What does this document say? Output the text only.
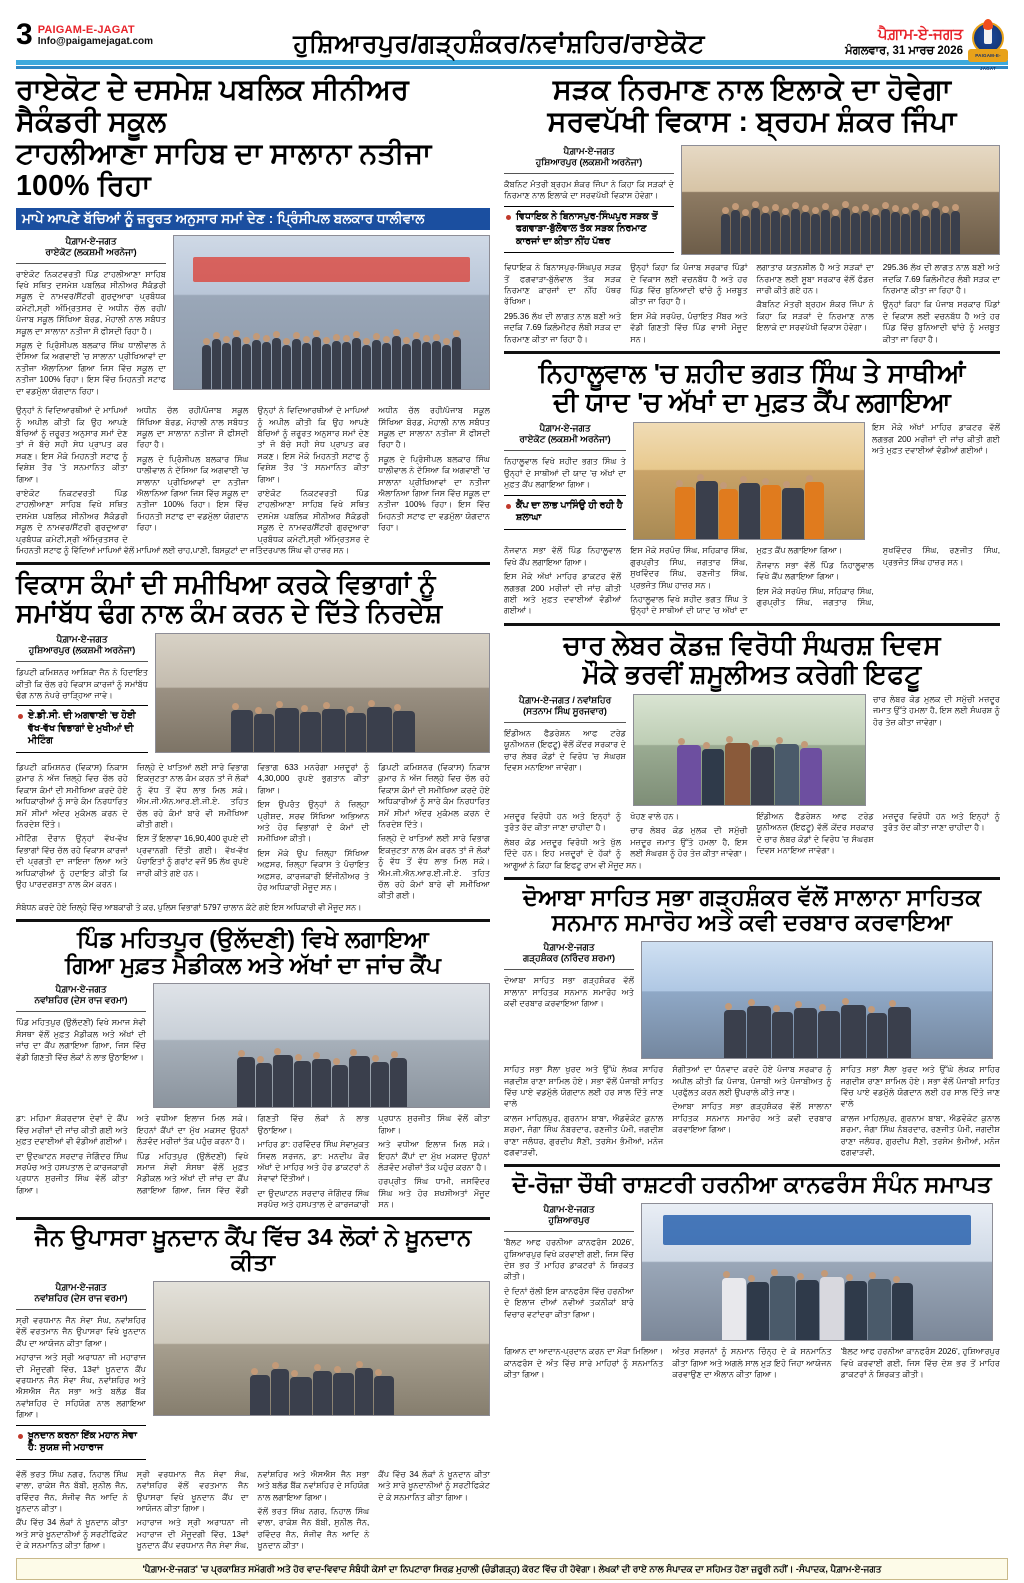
3 PAIGAM-E-JAGAT
Info@paigamejagat.com	ਹੁਸ਼ਿਆਰਪੁਰ/ਗੜ੍ਹਸ਼ੰਕਰ/ਨਵਾਂਸ਼ਹਿਰ/ਰਾਏਕੋਟ	ਪੈਗ਼ਾਮ-ਏ-ਜਗਤ
ਮੰਗਲਵਾਰ, 31 ਮਾਰਚ 2026	PAIGAM-E-JAGAT
ਰਾਏਕੋਟ ਦੇ ਦਸਮੇਸ਼ ਪਬਲਿਕ ਸੀਨੀਅਰ ਸੈਕੰਡਰੀ ਸਕੂਲ
ਟਾਹਲੀਆਣਾ ਸਾਹਿਬ ਦਾ ਸਾਲਾਨਾ ਨਤੀਜਾ 100% ਰਿਹਾ
ਮਾਪੇ ਆਪਣੇ ਬੱਚਿਆਂ ਨੂੰ ਜ਼ਰੂਰਤ ਅਨੁਸਾਰ ਸਮਾਂ ਦੇਣ : ਪ੍ਰਿੰਸੀਪਲ ਬਲਕਾਰ ਧਾਲੀਵਾਲ
ਪੈਗ਼ਾਮ-ਏ-ਜਗਤ
ਰਾਏਕੋਟ (ਲਕਸ਼ਮੀ ਅਰਨੇਜਾ)

ਰਾਏਕੋਟ ਨਿਕਟਵਰਤੀ ਪਿੰਡ ਟਾਹਲੀਆਣਾ ਸਾਹਿਬ ਵਿਖੇ ਸਥਿਤ ਦਸਮੇਸ਼ ਪਬਲਿਕ ਸੀਨੀਅਰ ਸੈਕੰਡਰੀ ਸਕੂਲ ਦੇ ਨਾਮਵਰ/ਸੈਂਟਰੀ ਗੁਰਦੁਆਰਾ ਪ੍ਰਬੰਧਕ ਕਮੇਟੀ,ਸ੍ਰੀ ਅੰਮ੍ਰਿਤਸਰ ਦੇ ਅਧੀਨ ਚੱਲ ਰਹੀ/ਪੰਜਾਬ ਸਕੂਲ ਸਿੱਖਿਆ ਬੋਰਡ, ਮੋਹਾਲੀ ਨਾਲ ਸਬੰਧਤ ਸਕੂਲ ਦਾ ਸਾਲਾਨਾ ਨਤੀਜਾ ਸੌ ਫੀਸਦੀ ਰਿਹਾ ਹੈ।

ਸਕੂਲ ਦੇ ਪ੍ਰਿੰਸੀਪਲ ਬਲਕਾਰ ਸਿੰਘ ਧਾਲੀਵਾਲ ਨੇ ਦੱਸਿਆ ਕਿ ਅਗਵਾਈ 'ਚ ਸਾਲਾਨਾ ਪ੍ਰੀਖਿਆਵਾਂ ਦਾ ਨਤੀਜਾ ਐਲਾਨਿਆ ਗਿਆ ਜਿਸ ਵਿੱਚ ਸਕੂਲ ਦਾ ਨਤੀਜਾ 100% ਰਿਹਾ। ਇਸ ਵਿੱਚ ਮਿਹਨਤੀ ਸਟਾਫ ਦਾ ਵਡਮੁੱਲਾ ਯੋਗਦਾਨ ਰਿਹਾ।

ਉਨ੍ਹਾਂ ਨੇ ਵਿਦਿਆਰਥੀਆਂ ਦੇ ਮਾਪਿਆਂ ਨੂੰ ਅਪੀਲ ਕੀਤੀ ਕਿ ਉਹ ਆਪਣੇ ਬੱਚਿਆਂ ਨੂੰ ਜ਼ਰੂਰਤ ਅਨੁਸਾਰ ਸਮਾਂ ਦੇਣ ਤਾਂ ਜੋ ਬੱਚੇ ਸਹੀ ਸੇਧ ਪ੍ਰਾਪਤ ਕਰ ਸਕਣ। ਇਸ ਮੌਕੇ ਮਿਹਨਤੀ ਸਟਾਫ ਨੂੰ ਵਿਸ਼ੇਸ਼ ਤੌਰ 'ਤੇ ਸਨਮਾਨਿਤ ਕੀਤਾ ਗਿਆ।

ਰਾਏਕੋਟ ਨਿਕਟਵਰਤੀ ਪਿੰਡ ਟਾਹਲੀਆਣਾ ਸਾਹਿਬ ਵਿਖੇ ਸਥਿਤ ਦਸਮੇਸ਼ ਪਬਲਿਕ ਸੀਨੀਅਰ ਸੈਕੰਡਰੀ ਸਕੂਲ ਦੇ ਨਾਮਵਰ/ਸੈਂਟਰੀ ਗੁਰਦੁਆਰਾ ਪ੍ਰਬੰਧਕ ਕਮੇਟੀ,ਸ੍ਰੀ ਅੰਮ੍ਰਿਤਸਰ ਦੇ ਅਧੀਨ ਚੱਲ ਰਹੀ/ਪੰਜਾਬ ਸਕੂਲ ਸਿੱਖਿਆ ਬੋਰਡ, ਮੋਹਾਲੀ ਨਾਲ ਸਬੰਧਤ ਸਕੂਲ ਦਾ ਸਾਲਾਨਾ ਨਤੀਜਾ ਸੌ ਫੀਸਦੀ ਰਿਹਾ ਹੈ।

ਸਕੂਲ ਦੇ ਪ੍ਰਿੰਸੀਪਲ ਬਲਕਾਰ ਸਿੰਘ ਧਾਲੀਵਾਲ ਨੇ ਦੱਸਿਆ ਕਿ ਅਗਵਾਈ 'ਚ ਸਾਲਾਨਾ ਪ੍ਰੀਖਿਆਵਾਂ ਦਾ ਨਤੀਜਾ ਐਲਾਨਿਆ ਗਿਆ ਜਿਸ ਵਿੱਚ ਸਕੂਲ ਦਾ ਨਤੀਜਾ 100% ਰਿਹਾ। ਇਸ ਵਿੱਚ ਮਿਹਨਤੀ ਸਟਾਫ ਦਾ ਵਡਮੁੱਲਾ ਯੋਗਦਾਨ ਰਿਹਾ।

ਉਨ੍ਹਾਂ ਨੇ ਵਿਦਿਆਰਥੀਆਂ ਦੇ ਮਾਪਿਆਂ ਨੂੰ ਅਪੀਲ ਕੀਤੀ ਕਿ ਉਹ ਆਪਣੇ ਬੱਚਿਆਂ ਨੂੰ ਜ਼ਰੂਰਤ ਅਨੁਸਾਰ ਸਮਾਂ ਦੇਣ ਤਾਂ ਜੋ ਬੱਚੇ ਸਹੀ ਸੇਧ ਪ੍ਰਾਪਤ ਕਰ ਸਕਣ। ਇਸ ਮੌਕੇ ਮਿਹਨਤੀ ਸਟਾਫ ਨੂੰ ਵਿਸ਼ੇਸ਼ ਤੌਰ 'ਤੇ ਸਨਮਾਨਿਤ ਕੀਤਾ ਗਿਆ।

ਰਾਏਕੋਟ ਨਿਕਟਵਰਤੀ ਪਿੰਡ ਟਾਹਲੀਆਣਾ ਸਾਹਿਬ ਵਿਖੇ ਸਥਿਤ ਦਸਮੇਸ਼ ਪਬਲਿਕ ਸੀਨੀਅਰ ਸੈਕੰਡਰੀ ਸਕੂਲ ਦੇ ਨਾਮਵਰ/ਸੈਂਟਰੀ ਗੁਰਦੁਆਰਾ ਪ੍ਰਬੰਧਕ ਕਮੇਟੀ,ਸ੍ਰੀ ਅੰਮ੍ਰਿਤਸਰ ਦੇ ਅਧੀਨ ਚੱਲ ਰਹੀ/ਪੰਜਾਬ ਸਕੂਲ ਸਿੱਖਿਆ ਬੋਰਡ, ਮੋਹਾਲੀ ਨਾਲ ਸਬੰਧਤ ਸਕੂਲ ਦਾ ਸਾਲਾਨਾ ਨਤੀਜਾ ਸੌ ਫੀਸਦੀ ਰਿਹਾ ਹੈ।

ਸਕੂਲ ਦੇ ਪ੍ਰਿੰਸੀਪਲ ਬਲਕਾਰ ਸਿੰਘ ਧਾਲੀਵਾਲ ਨੇ ਦੱਸਿਆ ਕਿ ਅਗਵਾਈ 'ਚ ਸਾਲਾਨਾ ਪ੍ਰੀਖਿਆਵਾਂ ਦਾ ਨਤੀਜਾ ਐਲਾਨਿਆ ਗਿਆ ਜਿਸ ਵਿੱਚ ਸਕੂਲ ਦਾ ਨਤੀਜਾ 100% ਰਿਹਾ। ਇਸ ਵਿੱਚ ਮਿਹਨਤੀ ਸਟਾਫ ਦਾ ਵਡਮੁੱਲਾ ਯੋਗਦਾਨ ਰਿਹਾ।

ਮਿਹਨਤੀ ਸਟਾਫ ਨੂੰ ਵਿੱਦਿਆਂ ਮਾਪਿਆਂ ਵੱਲੋਂ ਮਾਪਿਆਂ ਲਈ ਚਾਹ,ਪਾਣੀ, ਬਿਸਕੁਟਾਂ ਦਾ ਜਤਿੰਦਰਪਾਲ ਸਿੰਘ ਵੀ ਹਾਜ਼ਰ ਸਨ।
ਵਿਕਾਸ ਕੰਮਾਂ ਦੀ ਸਮੀਖਿਆ ਕਰਕੇ ਵਿਭਾਗਾਂ ਨੂੰ
ਸਮਾਂਬੱਧ ਢੰਗ ਨਾਲ ਕੰਮ ਕਰਨ ਦੇ ਦਿੱਤੇ ਨਿਰਦੇਸ਼
ਪੈਗ਼ਾਮ-ਏ-ਜਗਤ
ਹੁਸ਼ਿਆਰਪੁਰ (ਲਕਸ਼ਮੀ ਅਰਨੇਜਾ)
ਡਿਪਟੀ ਕਮਿਸ਼ਨਰ ਆਸ਼ਿਕਾ ਜੈਨ ਨੇ ਹਿਦਾਇਤ ਕੀਤੀ ਕਿ ਚੱਲ ਰਹੇ ਵਿਕਾਸ ਕਾਰਜਾਂ ਨੂੰ ਸਮਾਂਬੱਧ ਢੰਗ ਨਾਲ ਨੇਪਰੇ ਚਾੜ੍ਹਿਆ ਜਾਵੇ।
ਏ.ਡੀ.ਸੀ. ਦੀ ਅਗਵਾਈ 'ਚ ਹੋਈ ਵੱਖ-ਵੱਖ ਵਿਭਾਗਾਂ ਦੇ ਮੁਖੀਆਂ ਦੀ ਮੀਟਿੰਗ

ਡਿਪਟੀ ਕਮਿਸ਼ਨਰ (ਵਿਕਾਸ) ਨਿਕਾਸ ਕੁਮਾਰ ਨੇ ਅੱਜ ਜ਼ਿਲ੍ਹੇ ਵਿਚ ਚੱਲ ਰਹੇ ਵਿਕਾਸ ਕੰਮਾਂ ਦੀ ਸਮੀਖਿਆ ਕਰਦੇ ਹੋਏ ਅਧਿਕਾਰੀਆਂ ਨੂੰ ਸਾਰੇ ਕੰਮ ਨਿਰਧਾਰਿਤ ਸਮੇਂ ਸੀਮਾਂ ਅੰਦਰ ਮੁਕੰਮਲ ਕਰਨ ਦੇ ਨਿਰਦੇਸ਼ ਦਿੱਤੇ।

ਮੀਟਿੰਗ ਦੌਰਾਨ ਉਨ੍ਹਾਂ ਵੱਖ-ਵੱਖ ਵਿਭਾਗਾਂ ਵਿੱਚ ਚੱਲ ਰਹੇ ਵਿਕਾਸ ਕਾਰਜਾਂ ਦੀ ਪ੍ਰਗਤੀ ਦਾ ਜਾਇਜ਼ਾ ਲਿਆ ਅਤੇ ਅਧਿਕਾਰੀਆਂ ਨੂੰ ਹਦਾਇਤ ਕੀਤੀ ਕਿ ਉਹ ਪਾਰਦਰਸ਼ਤਾ ਨਾਲ ਕੰਮ ਕਰਨ।

ਜ਼ਿਲ੍ਹੇ ਦੇ ਖਾਤਿਆਂ ਲਈ ਸਾਰੇ ਵਿਭਾਗ ਇਕਜੁਟਤਾ ਨਾਲ ਕੰਮ ਕਰਨ ਤਾਂ ਜੋ ਲੋਕਾਂ ਨੂੰ ਵੱਧ ਤੋਂ ਵੱਧ ਲਾਭ ਮਿਲ ਸਕੇ। ਐਮ.ਜੀ.ਐਨ.ਆਰ.ਈ.ਜੀ.ਏ. ਤਹਿਤ ਚੱਲ ਰਹੇ ਕੰਮਾਂ ਬਾਰੇ ਵੀ ਸਮੀਖਿਆ ਕੀਤੀ ਗਈ।

ਇਸ ਤੋਂ ਇਲਾਵਾ 16,90,400 ਰੁਪਏ ਦੀ ਪ੍ਰਵਾਨਗੀ ਦਿੱਤੀ ਗਈ। ਵੱਖ-ਵੱਖ ਪੰਚਾਇਤਾਂ ਨੂੰ ਗਰਾਂਟ ਵਜੋਂ 95 ਲੱਖ ਰੁਪਏ ਜਾਰੀ ਕੀਤੇ ਗਏ ਹਨ।

ਵਿਭਾਗ 633 ਮਨਰੇਗਾ ਮਜ਼ਦੂਰਾਂ ਨੂੰ 4,30,000 ਰੁਪਏ ਭੁਗਤਾਨ ਕੀਤਾ ਗਿਆ।

ਇਸ ਉਪਰੰਤ ਉਨ੍ਹਾਂ ਨੇ ਜ਼ਿਲ੍ਹਾ ਪ੍ਰੀਸ਼ਦ, ਸਰਵ ਸਿੱਖਿਆ ਅਭਿਆਨ ਅਤੇ ਹੋਰ ਵਿਭਾਗਾਂ ਦੇ ਕੰਮਾਂ ਦੀ ਸਮੀਖਿਆ ਕੀਤੀ।

ਇਸ ਮੌਕੇ ਉਪ ਜ਼ਿਲ੍ਹਾ ਸਿੱਖਿਆ ਅਫ਼ਸਰ, ਜ਼ਿਲ੍ਹਾ ਵਿਕਾਸ ਤੇ ਪੰਚਾਇਤ ਅਫ਼ਸਰ, ਕਾਰਜਕਾਰੀ ਇੰਜੀਨੀਅਰ ਤੇ ਹੋਰ ਅਧਿਕਾਰੀ ਮੌਜੂਦ ਸਨ।

ਡਿਪਟੀ ਕਮਿਸ਼ਨਰ (ਵਿਕਾਸ) ਨਿਕਾਸ ਕੁਮਾਰ ਨੇ ਅੱਜ ਜ਼ਿਲ੍ਹੇ ਵਿਚ ਚੱਲ ਰਹੇ ਵਿਕਾਸ ਕੰਮਾਂ ਦੀ ਸਮੀਖਿਆ ਕਰਦੇ ਹੋਏ ਅਧਿਕਾਰੀਆਂ ਨੂੰ ਸਾਰੇ ਕੰਮ ਨਿਰਧਾਰਿਤ ਸਮੇਂ ਸੀਮਾਂ ਅੰਦਰ ਮੁਕੰਮਲ ਕਰਨ ਦੇ ਨਿਰਦੇਸ਼ ਦਿੱਤੇ।

ਜ਼ਿਲ੍ਹੇ ਦੇ ਖਾਤਿਆਂ ਲਈ ਸਾਰੇ ਵਿਭਾਗ ਇਕਜੁਟਤਾ ਨਾਲ ਕੰਮ ਕਰਨ ਤਾਂ ਜੋ ਲੋਕਾਂ ਨੂੰ ਵੱਧ ਤੋਂ ਵੱਧ ਲਾਭ ਮਿਲ ਸਕੇ। ਐਮ.ਜੀ.ਐਨ.ਆਰ.ਈ.ਜੀ.ਏ. ਤਹਿਤ ਚੱਲ ਰਹੇ ਕੰਮਾਂ ਬਾਰੇ ਵੀ ਸਮੀਖਿਆ ਕੀਤੀ ਗਈ।

ਸੰਬੋਧਨ ਕਰਦੇ ਹੋਏ ਜ਼ਿਲ੍ਹੇ ਵਿੱਚ ਆਬਕਾਰੀ ਤੇ ਕਰ, ਪੁਲਿਸ ਵਿਭਾਗਾਂ 5797 ਚਾਲਾਨ ਕੱਟੇ ਗਏ ਇਸ ਅਧਿਕਾਰੀ ਵੀ ਮੌਜੂਦ ਸਨ।
ਪਿੰਡ ਮਹਿਤਪੁਰ (ਉਲੱਦਣੀ) ਵਿਖੇ ਲਗਾਇਆ
ਗਿਆ ਮੁਫ਼ਤ ਮੈਡੀਕਲ ਅਤੇ ਅੱਖਾਂ ਦਾ ਜਾਂਚ ਕੈਂਪ
ਪੈਗ਼ਾਮ-ਏ-ਜਗਤ
ਨਵਾਂਸ਼ਹਿਰ (ਦੇਸ ਰਾਜ ਵਰਮਾ)
ਪਿੰਡ ਮਹਿਤਪੁਰ (ਉਲੱਦਣੀ) ਵਿਖੇ ਸਮਾਜ ਸੇਵੀ ਸੰਸਥਾ ਵੱਲੋਂ ਮੁਫ਼ਤ ਮੈਡੀਕਲ ਅਤੇ ਅੱਖਾਂ ਦੀ ਜਾਂਚ ਦਾ ਕੈਂਪ ਲਗਾਇਆ ਗਿਆ, ਜਿਸ ਵਿੱਚ ਵੱਡੀ ਗਿਣਤੀ ਵਿੱਚ ਲੋਕਾਂ ਨੇ ਲਾਭ ਉਠਾਇਆ।

ਡਾ: ਮਹਿਮਾ ਸ਼ੰਕਰਦਾਸ ਦੇਵਾਂ ਦੇ ਕੈਂਪ ਵਿੱਚ ਮਰੀਜ਼ਾਂ ਦੀ ਜਾਂਚ ਕੀਤੀ ਗਈ ਅਤੇ ਮੁਫ਼ਤ ਦਵਾਈਆਂ ਵੀ ਵੰਡੀਆਂ ਗਈਆਂ।

ਦਾ ਉਦਘਾਟਨ ਸਰਦਾਰ ਜੋਗਿੰਦਰ ਸਿੰਘ ਸਰਪੰਚ ਅਤੇ ਹਸਪਤਾਲ ਦੇ ਕਾਰਜਕਾਰੀ ਪ੍ਰਧਾਨ ਸੁਰਜੀਤ ਸਿੰਘ ਵੱਲੋਂ ਕੀਤਾ ਗਿਆ।

ਅਤੇ ਵਧੀਆ ਇਲਾਜ ਮਿਲ ਸਕੇ। ਇਹਨਾਂ ਕੈਂਪਾਂ ਦਾ ਮੁੱਖ ਮਕਸਦ ਉਹਨਾਂ ਲੋੜਵੰਦ ਮਰੀਜ਼ਾਂ ਤੱਕ ਪਹੁੰਚ ਕਰਨਾ ਹੈ।

ਪਿੰਡ ਮਹਿਤਪੁਰ (ਉਲੱਦਣੀ) ਵਿਖੇ ਸਮਾਜ ਸੇਵੀ ਸੰਸਥਾ ਵੱਲੋਂ ਮੁਫ਼ਤ ਮੈਡੀਕਲ ਅਤੇ ਅੱਖਾਂ ਦੀ ਜਾਂਚ ਦਾ ਕੈਂਪ ਲਗਾਇਆ ਗਿਆ, ਜਿਸ ਵਿੱਚ ਵੱਡੀ ਗਿਣਤੀ ਵਿੱਚ ਲੋਕਾਂ ਨੇ ਲਾਭ ਉਠਾਇਆ।

ਮਾਹਿਰ ਡਾ: ਹਰਵਿੰਦਰ ਸਿੰਘ ਸੇਵਾਮੁਕਤ ਸਿਵਲ ਸਰਜਨ, ਡਾ: ਮਨਦੀਪ ਕੌਰ ਅੱਖਾਂ ਦੇ ਮਾਹਿਰ ਅਤੇ ਹੋਰ ਡਾਕਟਰਾਂ ਨੇ ਸੇਵਾਵਾਂ ਦਿੱਤੀਆਂ।

ਦਾ ਉਦਘਾਟਨ ਸਰਦਾਰ ਜੋਗਿੰਦਰ ਸਿੰਘ ਸਰਪੰਚ ਅਤੇ ਹਸਪਤਾਲ ਦੇ ਕਾਰਜਕਾਰੀ ਪ੍ਰਧਾਨ ਸੁਰਜੀਤ ਸਿੰਘ ਵੱਲੋਂ ਕੀਤਾ ਗਿਆ।

ਅਤੇ ਵਧੀਆ ਇਲਾਜ ਮਿਲ ਸਕੇ। ਇਹਨਾਂ ਕੈਂਪਾਂ ਦਾ ਮੁੱਖ ਮਕਸਦ ਉਹਨਾਂ ਲੋੜਵੰਦ ਮਰੀਜ਼ਾਂ ਤੱਕ ਪਹੁੰਚ ਕਰਨਾ ਹੈ।

ਹਰਪ੍ਰੀਤ ਸਿੰਘ ਧਾਮੀ, ਜਸਵਿੰਦਰ ਸਿੰਘ ਅਤੇ ਹੋਰ ਸ਼ਖਸੀਅਤਾਂ ਮੌਜੂਦ ਸਨ।

ਜੈਨ ਉਪਾਸਰਾ ਖ਼ੂਨਦਾਨ ਕੈਂਪ ਵਿੱਚ 34 ਲੋਕਾਂ ਨੇ ਖ਼ੂਨਦਾਨ ਕੀਤਾ
ਪੈਗ਼ਾਮ-ਏ-ਜਗਤ
ਨਵਾਂਸ਼ਹਿਰ (ਦੇਸ ਰਾਜ ਵਰਮਾ)
ਸ੍ਰੀ ਵਰਧਮਾਨ ਜੈਨ ਸੇਵਾ ਸੰਘ, ਨਵਾਂਸ਼ਹਿਰ ਵੱਲੋਂ ਵਰਤਮਾਨ ਜੈਨ ਉਪਾਸਰਾ ਵਿਖੇ ਖੂਨਦਾਨ ਕੈਂਪ ਦਾ ਆਯੋਜਨ ਕੀਤਾ ਗਿਆ।
ਮਹਾਰਾਜ ਅਤੇ ਸ੍ਰੀ ਅਰਾਧਨਾ ਜੀ ਮਹਾਰਾਜ ਦੀ ਮੌਜੂਦਗੀ ਵਿੱਚ, 13ਵਾਂ ਖ਼ੂਨਦਾਨ ਕੈਂਪ ਵਰਧਮਾਨ ਜੈਨ ਸੇਵਾ ਸੰਘ, ਨਵਾਂਸ਼ਹਿਰ ਅਤੇ ਐਸਐਸ ਜੈਨ ਸਭਾ ਅਤੇ ਬਲੱਡ ਬੈਂਕ ਨਵਾਂਸ਼ਹਿਰ ਦੇ ਸਹਿਯੋਗ ਨਾਲ ਲਗਾਇਆ ਗਿਆ।
ਖ਼ੂਨਦਾਨ ਕਰਨਾ ਇੱਕ ਮਹਾਨ ਸੇਵਾ ਹੈ: ਸੁਯਸ਼ ਜੀ ਮਹਾਰਾਜ

ਵੱਲੋਂ ਭਰਤ ਸਿੰਘ ਨਗਰ, ਨਿਹਾਲ ਸਿੰਘ ਵਾਲਾ, ਰਾਕੇਸ਼ ਜੈਨ ਬੱਬੀ, ਸੁਨੀਲ ਜੈਨ, ਰਵਿੰਦਰ ਜੈਨ, ਸੰਜੀਵ ਜੈਨ ਆਦਿ ਨੇ ਖ਼ੂਨਦਾਨ ਕੀਤਾ।

ਕੈਂਪ ਵਿੱਚ 34 ਲੋਕਾਂ ਨੇ ਖੂਨਦਾਨ ਕੀਤਾ ਅਤੇ ਸਾਰੇ ਖੂਨਦਾਨੀਆਂ ਨੂੰ ਸਰਟੀਫਿਕੇਟ ਦੇ ਕੇ ਸਨਮਾਨਿਤ ਕੀਤਾ ਗਿਆ।

ਸ੍ਰੀ ਵਰਧਮਾਨ ਜੈਨ ਸੇਵਾ ਸੰਘ, ਨਵਾਂਸ਼ਹਿਰ ਵੱਲੋਂ ਵਰਤਮਾਨ ਜੈਨ ਉਪਾਸਰਾ ਵਿਖੇ ਖੂਨਦਾਨ ਕੈਂਪ ਦਾ ਆਯੋਜਨ ਕੀਤਾ ਗਿਆ।

ਮਹਾਰਾਜ ਅਤੇ ਸ੍ਰੀ ਅਰਾਧਨਾ ਜੀ ਮਹਾਰਾਜ ਦੀ ਮੌਜੂਦਗੀ ਵਿੱਚ, 13ਵਾਂ ਖ਼ੂਨਦਾਨ ਕੈਂਪ ਵਰਧਮਾਨ ਜੈਨ ਸੇਵਾ ਸੰਘ, ਨਵਾਂਸ਼ਹਿਰ ਅਤੇ ਐਸਐਸ ਜੈਨ ਸਭਾ ਅਤੇ ਬਲੱਡ ਬੈਂਕ ਨਵਾਂਸ਼ਹਿਰ ਦੇ ਸਹਿਯੋਗ ਨਾਲ ਲਗਾਇਆ ਗਿਆ।

ਵੱਲੋਂ ਭਰਤ ਸਿੰਘ ਨਗਰ, ਨਿਹਾਲ ਸਿੰਘ ਵਾਲਾ, ਰਾਕੇਸ਼ ਜੈਨ ਬੱਬੀ, ਸੁਨੀਲ ਜੈਨ, ਰਵਿੰਦਰ ਜੈਨ, ਸੰਜੀਵ ਜੈਨ ਆਦਿ ਨੇ ਖ਼ੂਨਦਾਨ ਕੀਤਾ।

ਕੈਂਪ ਵਿੱਚ 34 ਲੋਕਾਂ ਨੇ ਖੂਨਦਾਨ ਕੀਤਾ ਅਤੇ ਸਾਰੇ ਖੂਨਦਾਨੀਆਂ ਨੂੰ ਸਰਟੀਫਿਕੇਟ ਦੇ ਕੇ ਸਨਮਾਨਿਤ ਕੀਤਾ ਗਿਆ।

ਸੜਕ ਨਿਰਮਾਣ ਨਾਲ ਇਲਾਕੇ ਦਾ ਹੋਵੇਗਾ
ਸਰਵਪੱਖੀ ਵਿਕਾਸ : ਬ੍ਰਹਮ ਸ਼ੰਕਰ ਜਿੰਪਾ
ਪੈਗ਼ਾਮ-ਏ-ਜਗਤ
ਹੁਸ਼ਿਆਰਪੁਰ (ਲਕਸ਼ਮੀ ਅਰਨੇਜਾ)
ਕੈਬਨਿਟ ਮੰਤਰੀ ਬ੍ਰਹਮ ਸ਼ੰਕਰ ਜਿੰਪਾ ਨੇ ਕਿਹਾ ਕਿ ਸੜਕਾਂ ਦੇ ਨਿਰਮਾਣ ਨਾਲ ਇਲਾਕੇ ਦਾ ਸਰਵਪੱਖੀ ਵਿਕਾਸ ਹੋਵੇਗਾ।
ਵਿਧਾਇਕ ਨੇ ਬਿਨਾਸਪੁਰ-ਸਿੰਘਪੁਰ ਸੜਕ ਤੋਂ ਫਗਵਾੜਾ-ਬੁੱਲੋਵਾਲ ਤੱਕ ਸੜਕ ਨਿਰਮਾਣ ਕਾਰਜਾਂ ਦਾ ਕੀਤਾ ਨੀਂਹ ਪੱਥਰ

ਵਿਧਾਇਕ ਨੇ ਬਿਨਾਸਪੁਰ-ਸਿੰਘਪੁਰ ਸੜਕ ਤੋਂ ਫਗਵਾੜਾ-ਬੁੱਲੋਵਾਲ ਤੱਕ ਸੜਕ ਨਿਰਮਾਣ ਕਾਰਜਾਂ ਦਾ ਨੀਂਹ ਪੱਥਰ ਰੱਖਿਆ।

295.36 ਲੱਖ ਦੀ ਲਾਗਤ ਨਾਲ਼ ਬਣੀ ਅਤੇ ਜਦਕਿ 7.69 ਕਿਲੋਮੀਟਰ ਲੰਬੀ ਸੜਕ ਦਾ ਨਿਰਮਾਣ ਕੀਤਾ ਜਾ ਰਿਹਾ ਹੈ।

ਉਨ੍ਹਾਂ ਕਿਹਾ ਕਿ ਪੰਜਾਬ ਸਰਕਾਰ ਪਿੰਡਾਂ ਦੇ ਵਿਕਾਸ ਲਈ ਵਚਨਬੱਧ ਹੈ ਅਤੇ ਹਰ ਪਿੰਡ ਵਿੱਚ ਬੁਨਿਆਦੀ ਢਾਂਚੇ ਨੂੰ ਮਜ਼ਬੂਤ ਕੀਤਾ ਜਾ ਰਿਹਾ ਹੈ।

ਇਸ ਮੌਕੇ ਸਰਪੰਚ, ਪੰਚਾਇਤ ਮੈਂਬਰ ਅਤੇ ਵੱਡੀ ਗਿਣਤੀ ਵਿੱਚ ਪਿੰਡ ਵਾਸੀ ਮੌਜੂਦ ਸਨ।

ਲਗਾਤਾਰ ਯਤਨਸ਼ੀਲ ਹੈ ਅਤੇ ਸੜਕਾਂ ਦਾ ਨਿਰਮਾਣ ਲਈ ਸੂਬਾ ਸਰਕਾਰ ਵੱਲੋਂ ਫੰਡਜ਼ ਜਾਰੀ ਕੀਤੇ ਗਏ ਹਨ।

ਕੈਬਨਿਟ ਮੰਤਰੀ ਬ੍ਰਹਮ ਸ਼ੰਕਰ ਜਿੰਪਾ ਨੇ ਕਿਹਾ ਕਿ ਸੜਕਾਂ ਦੇ ਨਿਰਮਾਣ ਨਾਲ ਇਲਾਕੇ ਦਾ ਸਰਵਪੱਖੀ ਵਿਕਾਸ ਹੋਵੇਗਾ।

295.36 ਲੱਖ ਦੀ ਲਾਗਤ ਨਾਲ਼ ਬਣੀ ਅਤੇ ਜਦਕਿ 7.69 ਕਿਲੋਮੀਟਰ ਲੰਬੀ ਸੜਕ ਦਾ ਨਿਰਮਾਣ ਕੀਤਾ ਜਾ ਰਿਹਾ ਹੈ।

ਉਨ੍ਹਾਂ ਕਿਹਾ ਕਿ ਪੰਜਾਬ ਸਰਕਾਰ ਪਿੰਡਾਂ ਦੇ ਵਿਕਾਸ ਲਈ ਵਚਨਬੱਧ ਹੈ ਅਤੇ ਹਰ ਪਿੰਡ ਵਿੱਚ ਬੁਨਿਆਦੀ ਢਾਂਚੇ ਨੂੰ ਮਜ਼ਬੂਤ ਕੀਤਾ ਜਾ ਰਿਹਾ ਹੈ।

ਨਿਹਾਲੂਵਾਲ 'ਚ ਸ਼ਹੀਦ ਭਗਤ ਸਿੰਘ ਤੇ ਸਾਥੀਆਂ
ਦੀ ਯਾਦ 'ਚ ਅੱਖਾਂ ਦਾ ਮੁਫ਼ਤ ਕੈਂਪ ਲਗਾਇਆ
ਪੈਗ਼ਾਮ-ਏ-ਜਗਤ
ਰਾਏਕੋਟ (ਲਕਸ਼ਮੀ ਅਰਨੇਜਾ)
ਨਿਹਾਲੂਵਾਲ ਵਿਖੇ ਸ਼ਹੀਦ ਭਗਤ ਸਿੰਘ ਤੇ ਉਨ੍ਹਾਂ ਦੇ ਸਾਥੀਆਂ ਦੀ ਯਾਦ 'ਚ ਅੱਖਾਂ ਦਾ ਮੁਫ਼ਤ ਕੈਂਪ ਲਗਾਇਆ ਗਿਆ।
ਕੈਂਪ ਦਾ ਲਾਭ ਪਾਸਿੰਉ ਹੀ ਰਹੀ ਹੈ ਸ਼ਲਾਘਾ
ਇਸ ਮੌਕੇ ਅੱਖਾਂ ਮਾਹਿਰ ਡਾਕਟਰ ਵੱਲੋਂ ਲਗਭਗ 200 ਮਰੀਜ਼ਾਂ ਦੀ ਜਾਂਚ ਕੀਤੀ ਗਈ ਅਤੇ ਮੁਫ਼ਤ ਦਵਾਈਆਂ ਵੰਡੀਆਂ ਗਈਆਂ।

ਨੌਜਵਾਨ ਸਭਾ ਵੱਲੋਂ ਪਿੰਡ ਨਿਹਾਲੂਵਾਲ ਵਿਖੇ ਕੈਂਪ ਲਗਾਇਆ ਗਿਆ।

ਇਸ ਮੌਕੇ ਅੱਖਾਂ ਮਾਹਿਰ ਡਾਕਟਰ ਵੱਲੋਂ ਲਗਭਗ 200 ਮਰੀਜ਼ਾਂ ਦੀ ਜਾਂਚ ਕੀਤੀ ਗਈ ਅਤੇ ਮੁਫ਼ਤ ਦਵਾਈਆਂ ਵੰਡੀਆਂ ਗਈਆਂ।

ਇਸ ਮੌਕੇ ਸਰਪੰਚ ਸਿੰਘ, ਸਹਿਕਾਰ ਸਿੰਘ, ਗੁਰਪ੍ਰੀਤ ਸਿੰਘ, ਜਗਤਾਰ ਸਿੰਘ, ਸੁਖਵਿੰਦਰ ਸਿੰਘ, ਰਣਜੀਤ ਸਿੰਘ, ਪ੍ਰਭਜੋਤ ਸਿੰਘ ਹਾਜ਼ਰ ਸਨ।

ਨਿਹਾਲੂਵਾਲ ਵਿਖੇ ਸ਼ਹੀਦ ਭਗਤ ਸਿੰਘ ਤੇ ਉਨ੍ਹਾਂ ਦੇ ਸਾਥੀਆਂ ਦੀ ਯਾਦ 'ਚ ਅੱਖਾਂ ਦਾ ਮੁਫ਼ਤ ਕੈਂਪ ਲਗਾਇਆ ਗਿਆ।

ਨੌਜਵਾਨ ਸਭਾ ਵੱਲੋਂ ਪਿੰਡ ਨਿਹਾਲੂਵਾਲ ਵਿਖੇ ਕੈਂਪ ਲਗਾਇਆ ਗਿਆ।

ਇਸ ਮੌਕੇ ਸਰਪੰਚ ਸਿੰਘ, ਸਹਿਕਾਰ ਸਿੰਘ, ਗੁਰਪ੍ਰੀਤ ਸਿੰਘ, ਜਗਤਾਰ ਸਿੰਘ, ਸੁਖਵਿੰਦਰ ਸਿੰਘ, ਰਣਜੀਤ ਸਿੰਘ, ਪ੍ਰਭਜੋਤ ਸਿੰਘ ਹਾਜ਼ਰ ਸਨ।

ਚਾਰ ਲੇਬਰ ਕੋਡਜ਼ ਵਿਰੋਧੀ ਸੰਘਰਸ਼ ਦਿਵਸ
ਮੌਕੇ ਭਰਵੀਂ ਸ਼ਮੂਲੀਅਤ ਕਰੇਗੀ ਇਫਟੂ
ਪੈਗ਼ਾਮ-ਏ-ਜਗਤ / ਨਵਾਂਸ਼ਹਿਰ
(ਸਤਨਾਮ ਸਿੰਘ ਸੂਰਜਵਾਰ)
ਇੰਡੀਅਨ ਫੈਡਰੇਸ਼ਨ ਆਫ ਟਰੇਡ ਯੂਨੀਅਨਜ਼ (ਇਫਟੂ) ਵੱਲੋਂ ਕੇਂਦਰ ਸਰਕਾਰ ਦੇ ਚਾਰ ਲੇਬਰ ਕੋਡਾਂ ਦੇ ਵਿਰੋਧ 'ਚ ਸੰਘਰਸ਼ ਦਿਵਸ ਮਨਾਇਆ ਜਾਵੇਗਾ।
ਚਾਰ ਲੇਬਰ ਕੋਡ ਮੁਲਕ ਦੀ ਸਮੁੱਚੀ ਮਜ਼ਦੂਰ ਜਮਾਤ ਉੱਤੇ ਹਮਲਾ ਹੈ, ਇਸ ਲਈ ਸੰਘਰਸ਼ ਨੂੰ ਹੋਰ ਤੇਜ਼ ਕੀਤਾ ਜਾਵੇਗਾ।

ਮਜ਼ਦੂਰ ਵਿਰੋਧੀ ਹਨ ਅਤੇ ਇਨ੍ਹਾਂ ਨੂੰ ਤੁਰੰਤ ਰੱਦ ਕੀਤਾ ਜਾਣਾ ਚਾਹੀਦਾ ਹੈ।

ਲੇਬਰ ਕੋਡ ਮਜ਼ਦੂਰ ਵਿਰੋਧੀ ਅਤੇ ਖੁੱਲ ਦਿੰਦੇ ਹਨ। ਇਹ ਮਜ਼ਦੂਰਾਂ ਦੇ ਹੱਕਾਂ ਨੂੰ ਖੋਹਣ ਵਾਲੇ ਹਨ।

ਚਾਰ ਲੇਬਰ ਕੋਡ ਮੁਲਕ ਦੀ ਸਮੁੱਚੀ ਮਜ਼ਦੂਰ ਜਮਾਤ ਉੱਤੇ ਹਮਲਾ ਹੈ, ਇਸ ਲਈ ਸੰਘਰਸ਼ ਨੂੰ ਹੋਰ ਤੇਜ਼ ਕੀਤਾ ਜਾਵੇਗਾ।

ਇੰਡੀਅਨ ਫੈਡਰੇਸ਼ਨ ਆਫ ਟਰੇਡ ਯੂਨੀਅਨਜ਼ (ਇਫਟੂ) ਵੱਲੋਂ ਕੇਂਦਰ ਸਰਕਾਰ ਦੇ ਚਾਰ ਲੇਬਰ ਕੋਡਾਂ ਦੇ ਵਿਰੋਧ 'ਚ ਸੰਘਰਸ਼ ਦਿਵਸ ਮਨਾਇਆ ਜਾਵੇਗਾ।

ਮਜ਼ਦੂਰ ਵਿਰੋਧੀ ਹਨ ਅਤੇ ਇਨ੍ਹਾਂ ਨੂੰ ਤੁਰੰਤ ਰੱਦ ਕੀਤਾ ਜਾਣਾ ਚਾਹੀਦਾ ਹੈ।

ਆਗੂਆਂ ਨੇ ਕਿਹਾ ਕਿ ਇਫਟੂ ਰਾਮ ਵੀ ਮੌਜੂਦ ਸਨ।
ਦੋਆਬਾ ਸਾਹਿਤ ਸਭਾ ਗੜ੍ਹਸ਼ੰਕਰ ਵੱਲੋਂ ਸਾਲਾਨਾ ਸਾਹਿਤਕ
ਸਨਮਾਨ ਸਮਾਰੋਹ ਅਤੇ ਕਵੀ ਦਰਬਾਰ ਕਰਵਾਇਆ
ਪੈਗ਼ਾਮ-ਏ-ਜਗਤ
ਗੜ੍ਹਸ਼ੰਕਰ (ਨਰਿੰਦਰ ਸ਼ਰਮਾ)
ਦੋਆਬਾ ਸਾਹਿਤ ਸਭਾ ਗੜ੍ਹਸ਼ੰਕਰ ਵੱਲੋਂ ਸਾਲਾਨਾ ਸਾਹਿਤਕ ਸਨਮਾਨ ਸਮਾਰੋਹ ਅਤੇ ਕਵੀ ਦਰਬਾਰ ਕਰਵਾਇਆ ਗਿਆ।

ਸਾਹਿਤ ਸਭਾ ਸੈਲਾ ਖੁਰਦ ਅਤੇ ਉੱਘੇ ਲੇਖਕ ਸਾਹਿਰ ਜਗਦੀਸ਼ ਰਾਣਾ ਸ਼ਾਮਿਲ ਹੋਏ। ਸਭਾ ਵੱਲੋਂ ਪੰਜਾਬੀ ਸਾਹਿਤ ਵਿੱਚ ਪਾਏ ਵਡਮੁੱਲੇ ਯੋਗਦਾਨ ਲਈ ਹਰ ਸਾਲ ਦਿੱਤੇ ਜਾਣ ਵਾਲੇ

ਕਾਲਜ ਮਾਹਿਲਪੁਰ, ਗੁਰਨਾਮ ਬਾਬਾ, ਐਡਵੋਕੇਟ ਕੁਨਾਲ ਸ਼ਰਮਾ, ਜੰਗਾ ਸਿੰਘ ਨੰਬਰਦਾਰ, ਰਣਜੀਤ ਪੰਮੀ, ਜਗਦੀਸ਼ ਰਾਣਾ ਜਲੰਧਰ, ਗੁਰਦੀਪ ਸੈਣੀ, ਤਰਸੇਮ ਭੰਮੀਆਂ, ਮਨੋਜ ਫਗਵਾੜਵੀ,

ਸੰਗੀਤਆਂ ਦਾ ਧੰਨਵਾਦ ਕਰਦੇ ਹੋਏ ਪੰਜਾਬ ਸਰਕਾਰ ਨੂੰ ਅਪੀਲ ਕੀਤੀ ਕਿ ਪੰਜਾਬ, ਪੰਜਾਬੀ ਅਤੇ ਪੰਜਾਬੀਅਤ ਨੂੰ ਪ੍ਰਫੁੱਲਤ ਕਰਨ ਲਈ ਉਪਰਾਲੇ ਕੀਤੇ ਜਾਣ।

ਦੋਆਬਾ ਸਾਹਿਤ ਸਭਾ ਗੜ੍ਹਸ਼ੰਕਰ ਵੱਲੋਂ ਸਾਲਾਨਾ ਸਾਹਿਤਕ ਸਨਮਾਨ ਸਮਾਰੋਹ ਅਤੇ ਕਵੀ ਦਰਬਾਰ ਕਰਵਾਇਆ ਗਿਆ।

ਸਾਹਿਤ ਸਭਾ ਸੈਲਾ ਖੁਰਦ ਅਤੇ ਉੱਘੇ ਲੇਖਕ ਸਾਹਿਰ ਜਗਦੀਸ਼ ਰਾਣਾ ਸ਼ਾਮਿਲ ਹੋਏ। ਸਭਾ ਵੱਲੋਂ ਪੰਜਾਬੀ ਸਾਹਿਤ ਵਿੱਚ ਪਾਏ ਵਡਮੁੱਲੇ ਯੋਗਦਾਨ ਲਈ ਹਰ ਸਾਲ ਦਿੱਤੇ ਜਾਣ ਵਾਲੇ

ਕਾਲਜ ਮਾਹਿਲਪੁਰ, ਗੁਰਨਾਮ ਬਾਬਾ, ਐਡਵੋਕੇਟ ਕੁਨਾਲ ਸ਼ਰਮਾ, ਜੰਗਾ ਸਿੰਘ ਨੰਬਰਦਾਰ, ਰਣਜੀਤ ਪੰਮੀ, ਜਗਦੀਸ਼ ਰਾਣਾ ਜਲੰਧਰ, ਗੁਰਦੀਪ ਸੈਣੀ, ਤਰਸੇਮ ਭੰਮੀਆਂ, ਮਨੋਜ ਫਗਵਾੜਵੀ,

ਦੋ-ਰੋਜ਼ਾ ਚੌਥੀ ਰਾਸ਼ਟਰੀ ਹਰਨੀਆ ਕਾਨਫਰੰਸ ਸੰਪੰਨ ਸਮਾਪਤ
ਪੈਗ਼ਾਮ-ਏ-ਜਗਤ
ਹੁਸ਼ਿਆਰਪੁਰ
'ਬੈਲਟ ਆਫ ਹਰਨੀਆ ਕਾਨਫਰੰਸ 2026', ਹੁਸ਼ਿਆਰਪੁਰ ਵਿਖੇ ਕਰਵਾਈ ਗਈ, ਜਿਸ ਵਿੱਚ ਦੇਸ਼ ਭਰ ਤੋਂ ਮਾਹਿਰ ਡਾਕਟਰਾਂ ਨੇ ਸ਼ਿਰਕਤ ਕੀਤੀ।
ਦੋ ਦਿਨਾਂ ਚੱਲੀ ਇਸ ਕਾਨਫਰੰਸ ਵਿੱਚ ਹਰਨੀਆ ਦੇ ਇਲਾਜ ਦੀਆਂ ਨਵੀਆਂ ਤਕਨੀਕਾਂ ਬਾਰੇ ਵਿਚਾਰ ਵਟਾਂਦਰਾ ਕੀਤਾ ਗਿਆ।

ਗਿਆਨ ਦਾ ਆਦਾਨ-ਪ੍ਰਦਾਨ ਕਰਨ ਦਾ ਮੌਕਾ ਮਿਲਿਆ। ਕਾਨਫਰੰਸ ਦੇ ਅੰਤ ਵਿੱਚ ਸਾਰੇ ਮਾਹਿਰਾਂ ਨੂੰ ਸਨਮਾਨਿਤ ਕੀਤਾ ਗਿਆ।

ਅੰਤਰ ਸਰਜਨਾਂ ਨੂੰ ਸਨਮਾਨ ਚਿੰਨ੍ਹ ਦੇ ਕੇ ਸਨਮਾਨਿਤ ਕੀਤਾ ਗਿਆ ਅਤੇ ਅਗਲੇ ਸਾਲ ਮੁੜ ਇਹੋ ਜਿਹਾ ਆਯੋਜਨ ਕਰਵਾਉਣ ਦਾ ਐਲਾਨ ਕੀਤਾ ਗਿਆ।

'ਬੈਲਟ ਆਫ ਹਰਨੀਆ ਕਾਨਫਰੰਸ 2026', ਹੁਸ਼ਿਆਰਪੁਰ ਵਿਖੇ ਕਰਵਾਈ ਗਈ, ਜਿਸ ਵਿੱਚ ਦੇਸ਼ ਭਰ ਤੋਂ ਮਾਹਿਰ ਡਾਕਟਰਾਂ ਨੇ ਸ਼ਿਰਕਤ ਕੀਤੀ।

'ਪੈਗ਼ਾਮ-ਏ-ਜਗਤ' 'ਚ ਪ੍ਰਕਾਸ਼ਿਤ ਸਮੱਗਰੀ ਅਤੇ ਹੋਰ ਵਾਦ-ਵਿਵਾਦ ਸੰਬੰਧੀ ਕੇਸਾਂ ਦਾ ਨਿਪਟਾਰਾ ਸਿਰਫ਼ ਮੁਹਾਲੀ (ਚੰਡੀਗੜ੍ਹ) ਕੋਰਟ ਵਿੱਚ ਹੀ ਹੋਵੇਗਾ। ਲੇਖਕਾਂ ਦੀ ਰਾਏ ਨਾਲ ਸੰਪਾਦਕ ਦਾ ਸਹਿਮਤ ਹੋਣਾ ਜ਼ਰੂਰੀ ਨਹੀਂ। -ਸੰਪਾਦਕ, ਪੈਗ਼ਾਮ-ਏ-ਜਗਤ
